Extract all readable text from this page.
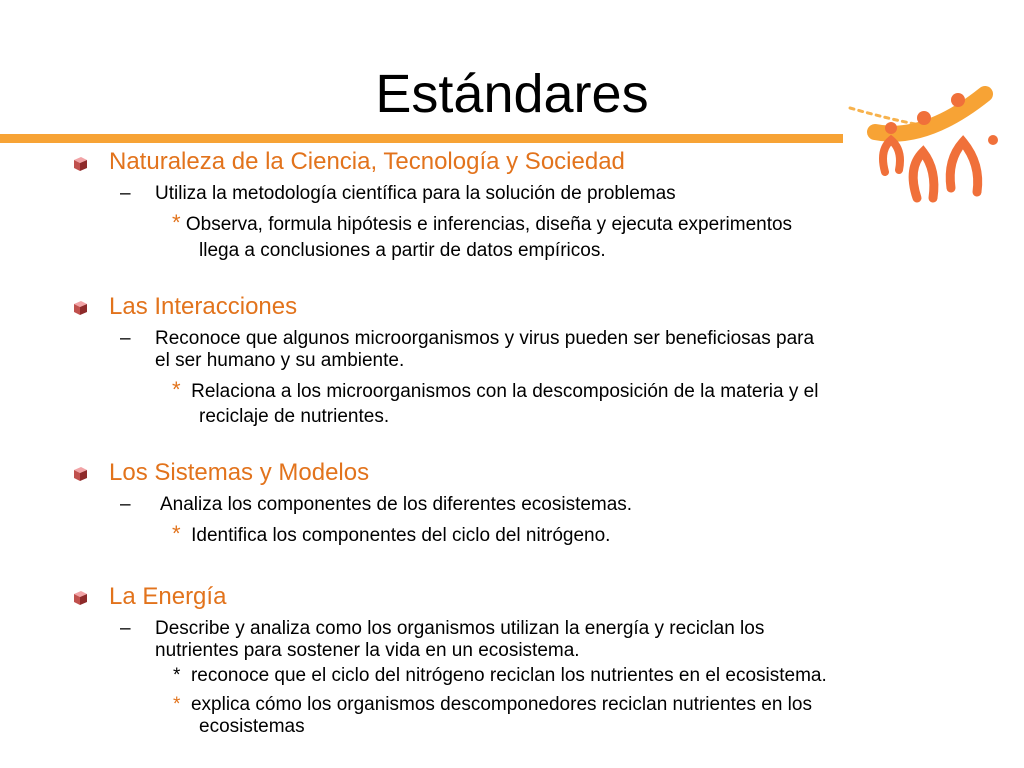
Estándares
Naturaleza de la Ciencia, Tecnología y Sociedad
– Utiliza la metodología científica para la solución de problemas
* Observa, formula hipótesis e inferencias, diseña y ejecuta experimentos
llega a conclusiones a partir de datos empíricos.
Las Interacciones
– Reconoce que algunos microorganismos y virus pueden ser beneficiosas para
el ser humano y su ambiente.
* Relaciona a los microorganismos con la descomposición de la materia y el
reciclaje de nutrientes.
Los Sistemas y Modelos
– Analiza los componentes de los diferentes ecosistemas.
* Identifica los componentes del ciclo del nitrógeno.
La Energía
– Describe y analiza como los organismos utilizan la energía y reciclan los
nutrientes para sostener la vida en un ecosistema.
* reconoce que el ciclo del nitrógeno reciclan los nutrientes en el ecosistema.
* explica cómo los organismos descomponedores reciclan nutrientes en los
ecosistemas
